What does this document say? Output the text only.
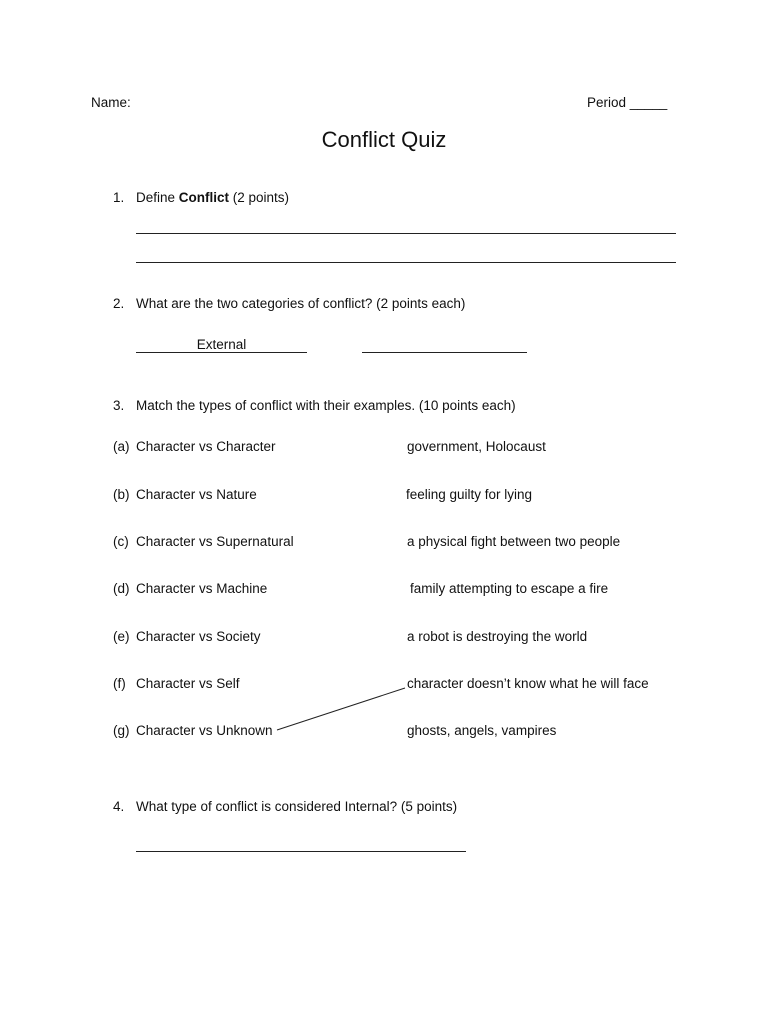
Name:	Period _____
Conflict Quiz
1. Define Conflict (2 points)
2. What are the two categories of conflict? (2 points each)
External
3. Match the types of conflict with their examples. (10 points each)
(a) Character vs Character
(b) Character vs Nature
(c) Character vs Supernatural
(d) Character vs Machine
(e) Character vs Society
(f) Character vs Self
(g) Character vs Unknown
government, Holocaust
feeling guilty for lying
a physical fight between two people
family attempting to escape a fire
a robot is destroying the world
character doesn’t know what he will face
ghosts, angels, vampires
4. What type of conflict is considered Internal? (5 points)
